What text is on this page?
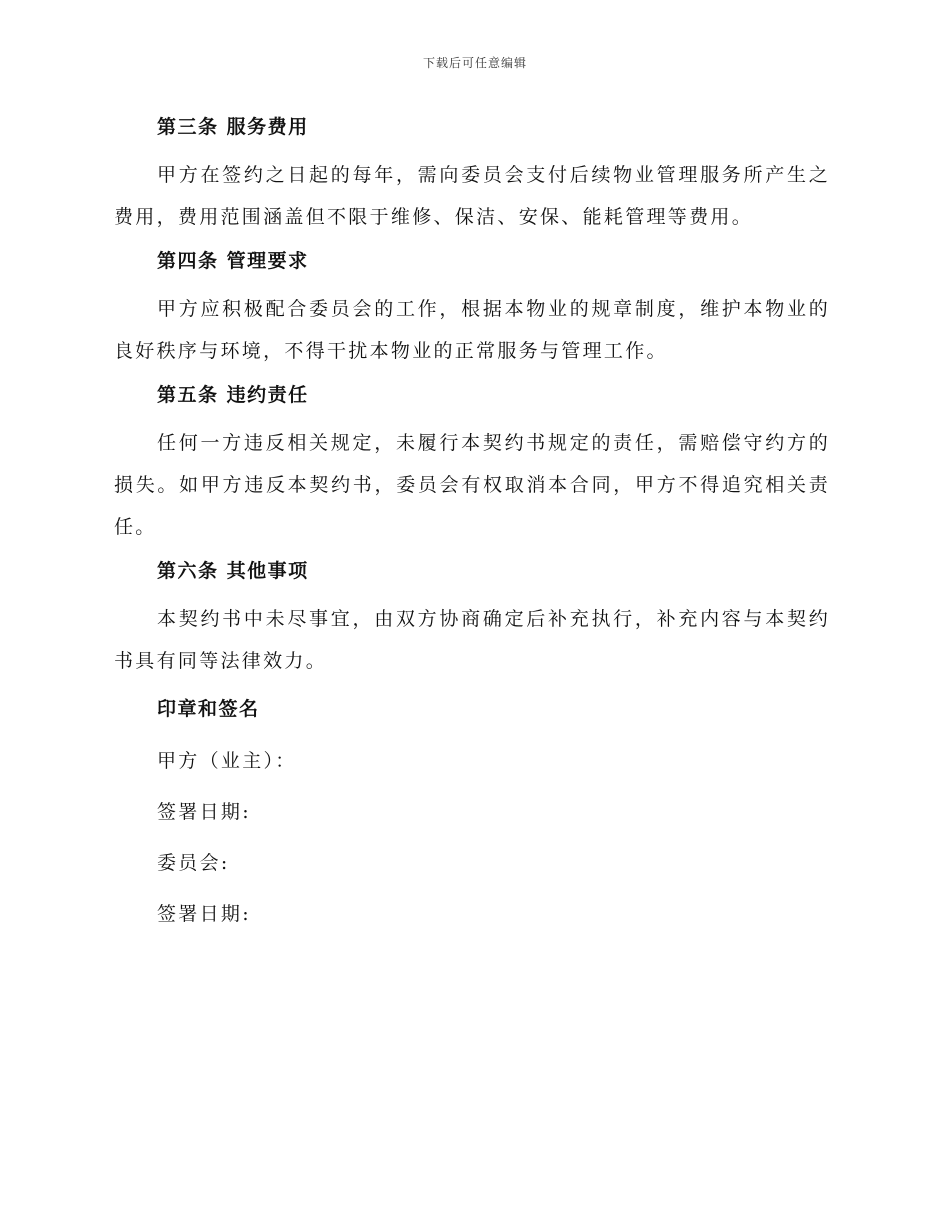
下载后可任意编辑
第三条 服务费用

甲方在签约之日起的每年，需向委员会支付后续物业管理服务所产生之费用，费用范围涵盖但不限于维修、保洁、安保、能耗管理等费用。

第四条 管理要求

甲方应积极配合委员会的工作，根据本物业的规章制度，维护本物业的良好秩序与环境，不得干扰本物业的正常服务与管理工作。

第五条 违约责任

任何一方违反相关规定，未履行本契约书规定的责任，需赔偿守约方的损失。如甲方违反本契约书，委员会有权取消本合同，甲方不得追究相关责任。

第六条 其他事项

本契约书中未尽事宜，由双方协商确定后补充执行，补充内容与本契约书具有同等法律效力。

印章和签名
甲方（业主）：
签署日期:
委员会:
签署日期:
